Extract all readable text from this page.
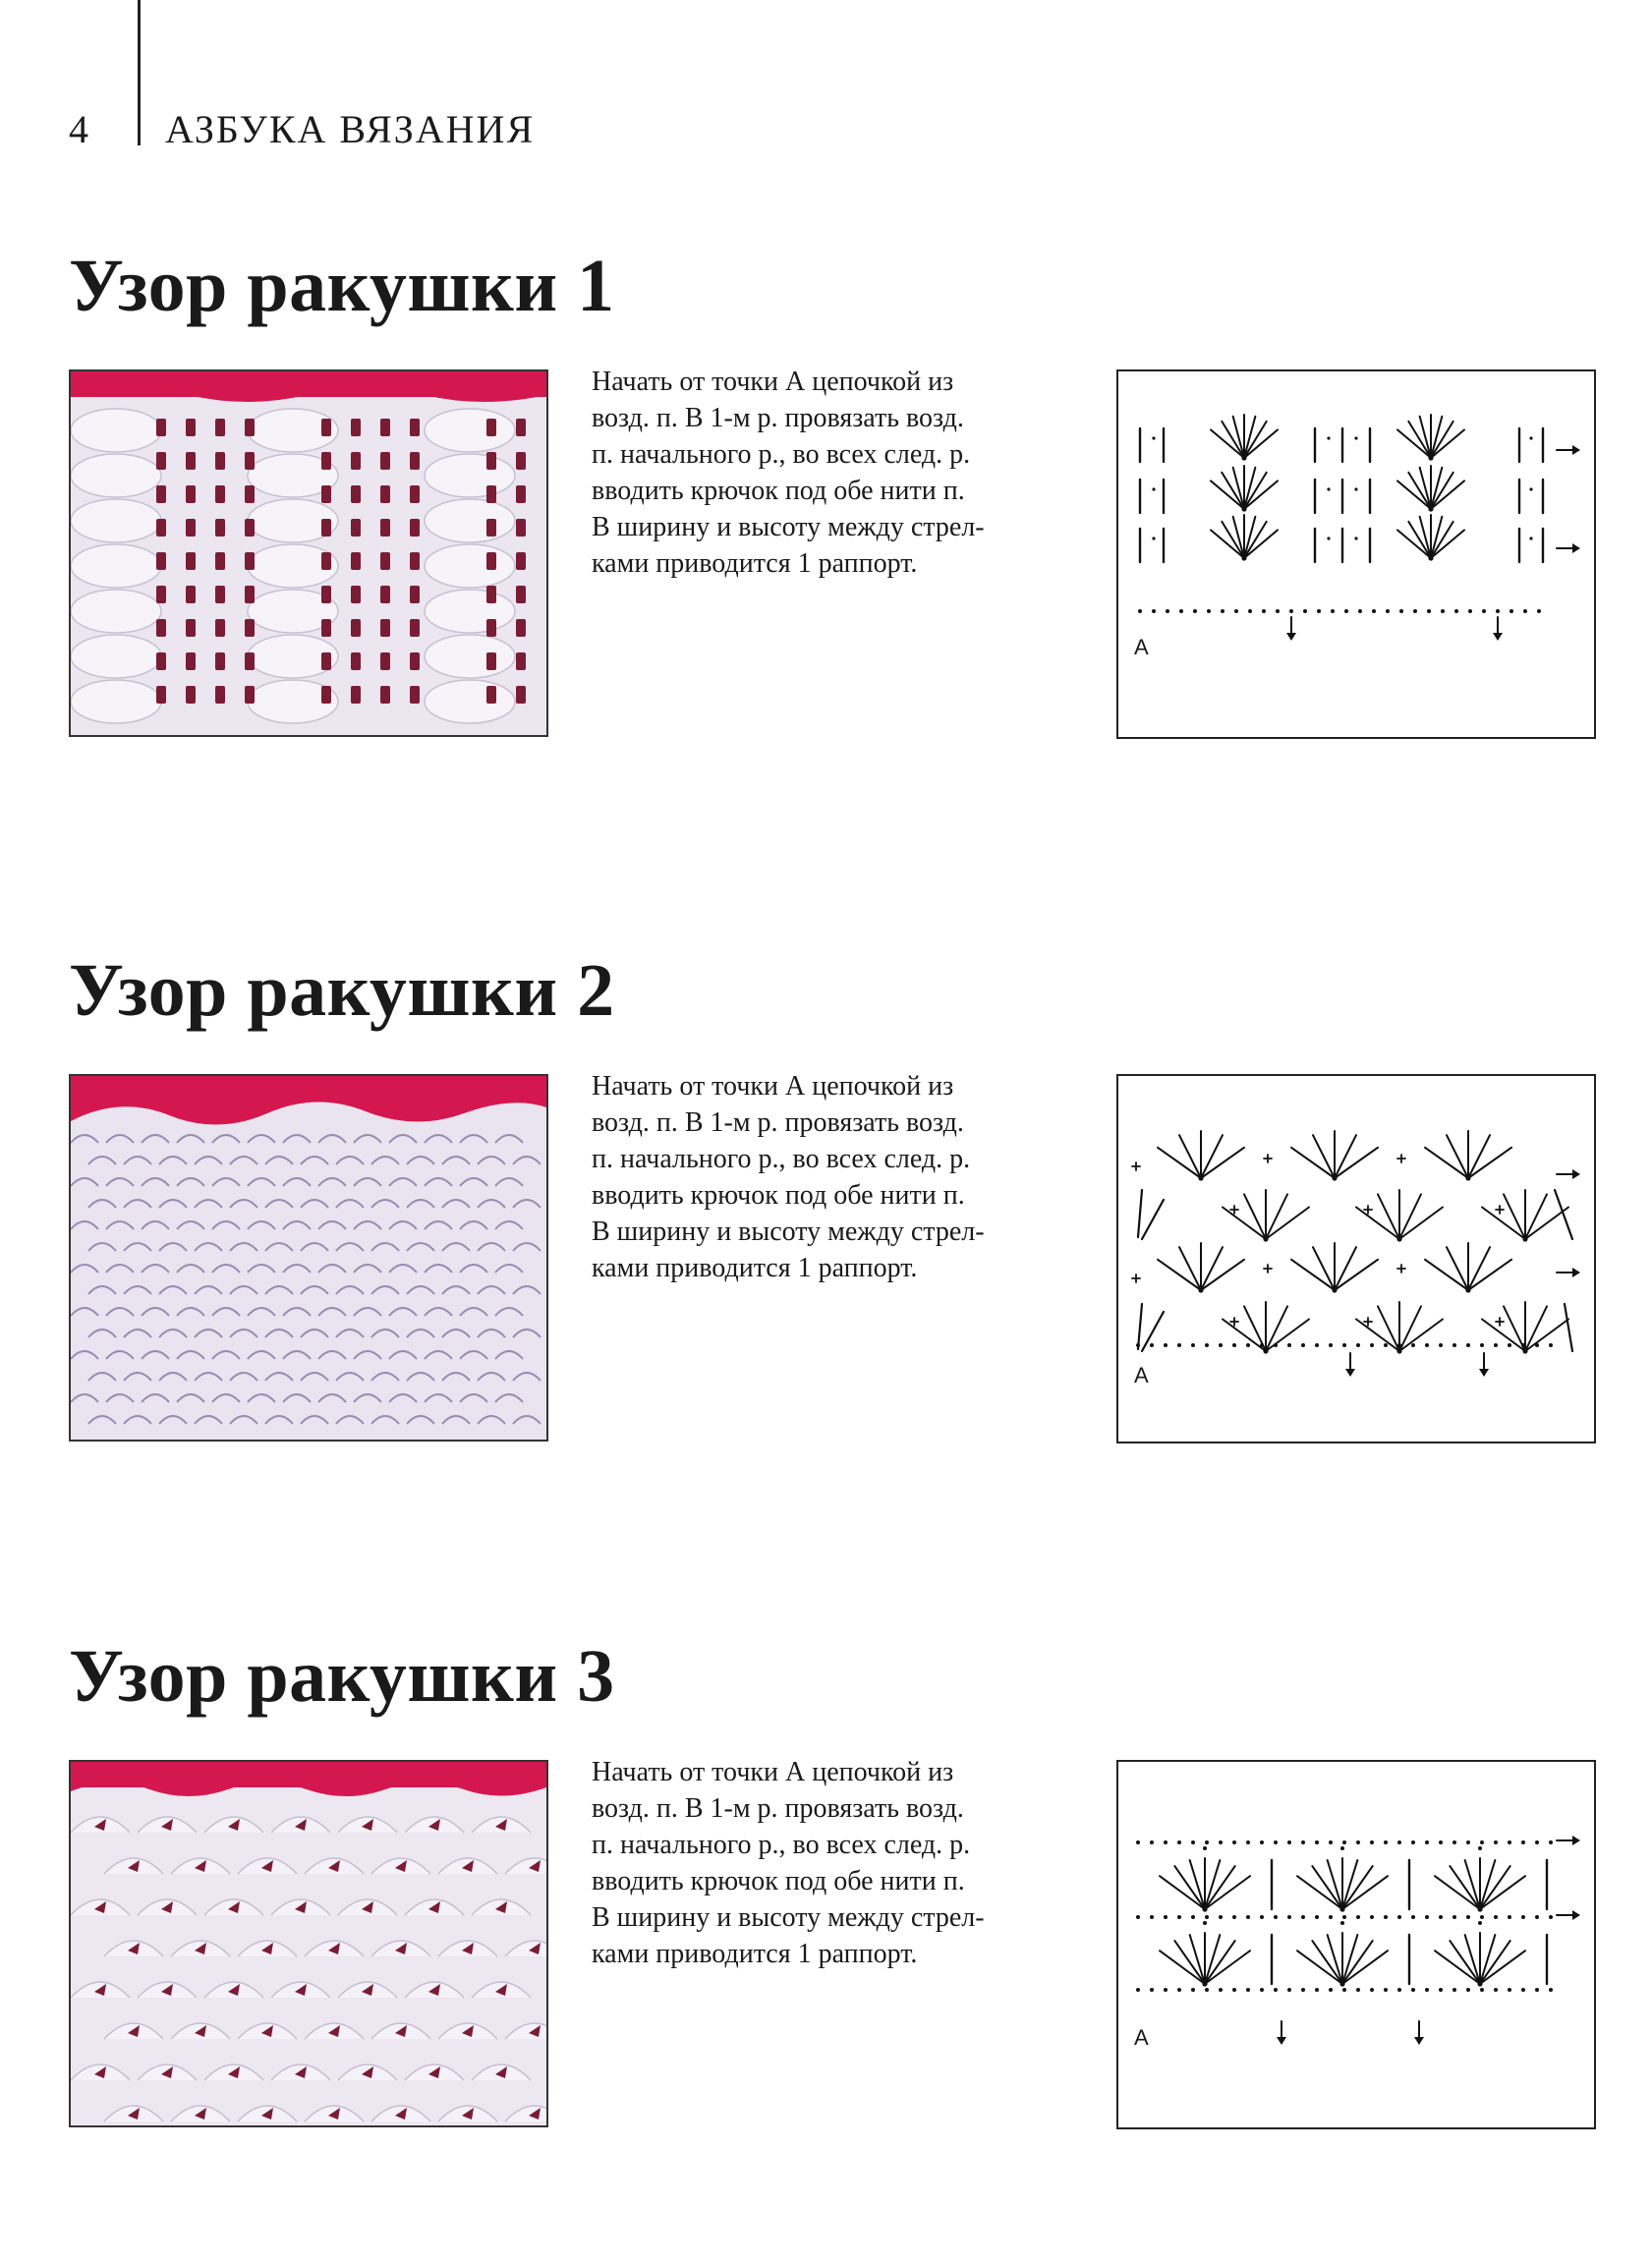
4 АЗБУКА ВЯЗАНИЯ
Узор ракушки 1

Начать от точки А цепочкой из
возд. п. В 1-м р. провязать возд.
п. начального р., во всех след. р.
вводить крючок под обе нити п.
В ширину и высоту между стрел-
ками приводится 1 раппорт.

A
Узор ракушки 2

Начать от точки А цепочкой из
возд. п. В 1-м р. провязать возд.
п. начального р., во всех след. р.
вводить крючок под обе нити п.
В ширину и высоту между стрел-
ками приводится 1 раппорт.

A
Узор ракушки 3

Начать от точки А цепочкой из
возд. п. В 1-м р. провязать возд.
п. начального р., во всех след. р.
вводить крючок под обе нити п.
В ширину и высоту между стрел-
ками приводится 1 раппорт.

A
